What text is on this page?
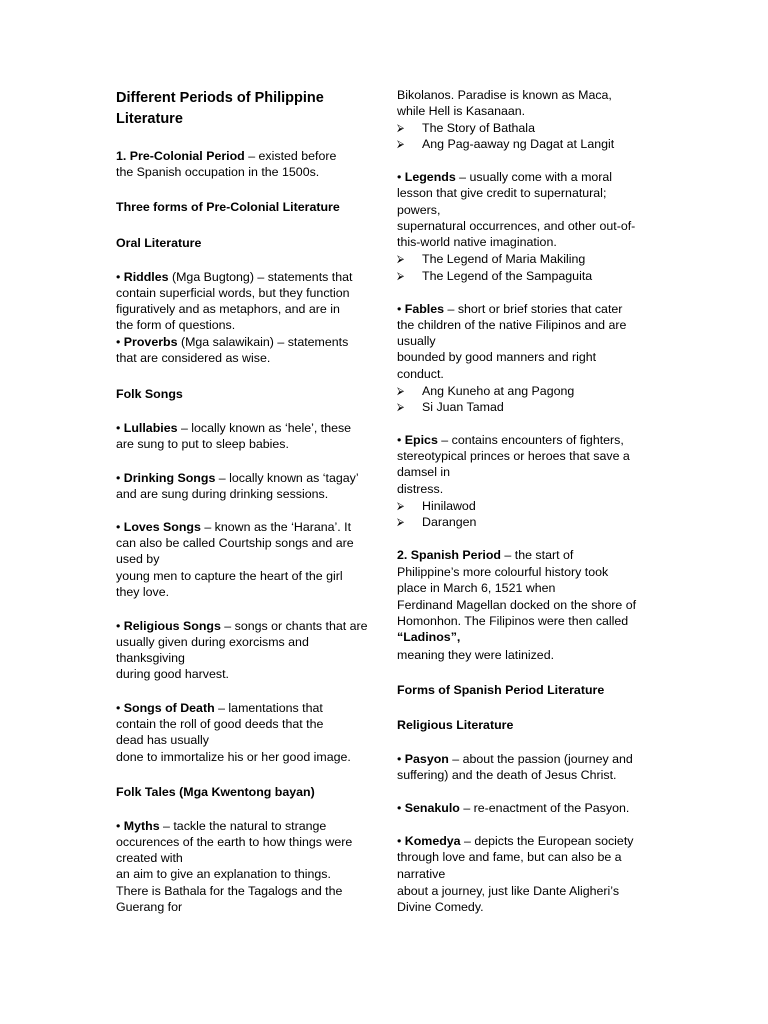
Different Periods of Philippine
Literature
1. Pre-Colonial Period – existed before
the Spanish occupation in the 1500s.
Three forms of Pre-Colonial Literature
Oral Literature
• Riddles (Mga Bugtong) – statements that
contain superficial words, but they function
figuratively and as metaphors, and are in
the form of questions.
• Proverbs (Mga salawikain) – statements
that are considered as wise.
Folk Songs
• Lullabies – locally known as ‘hele’, these
are sung to put to sleep babies.
• Drinking Songs – locally known as ‘tagay’
and are sung during drinking sessions.
• Loves Songs – known as the ‘Harana’. It
can also be called Courtship songs and are
used by
young men to capture the heart of the girl
they love.
• Religious Songs – songs or chants that are
usually given during exorcisms and
thanksgiving
during good harvest.
• Songs of Death – lamentations that
contain the roll of good deeds that the
dead has usually
done to immortalize his or her good image.
Folk Tales (Mga Kwentong bayan)
• Myths – tackle the natural to strange
occurences of the earth to how things were
created with
an aim to give an explanation to things.
There is Bathala for the Tagalogs and the
Guerang for
Bikolanos. Paradise is known as Maca,
while Hell is Kasanaan.
⮚ The Story of Bathala
⮚ Ang Pag-aaway ng Dagat at Langit
• Legends – usually come with a moral
lesson that give credit to supernatural;
powers,
supernatural occurrences, and other out-of-
this-world native imagination.
⮚ The Legend of Maria Makiling
⮚ The Legend of the Sampaguita
• Fables – short or brief stories that cater
the children of the native Filipinos and are
usually
bounded by good manners and right
conduct.
⮚ Ang Kuneho at ang Pagong
⮚ Si Juan Tamad
• Epics – contains encounters of fighters,
stereotypical princes or heroes that save a
damsel in
distress.
⮚ Hinilawod
⮚ Darangen
2. Spanish Period – the start of
Philippine’s more colourful history took
place in March 6, 1521 when
Ferdinand Magellan docked on the shore of
Homonhon. The Filipinos were then called
“Ladinos”,
meaning they were latinized.
Forms of Spanish Period Literature
Religious Literature
• Pasyon – about the passion (journey and
suffering) and the death of Jesus Christ.
• Senakulo – re-enactment of the Pasyon.
• Komedya – depicts the European society
through love and fame, but can also be a
narrative
about a journey, just like Dante Aligheri’s
Divine Comedy.
